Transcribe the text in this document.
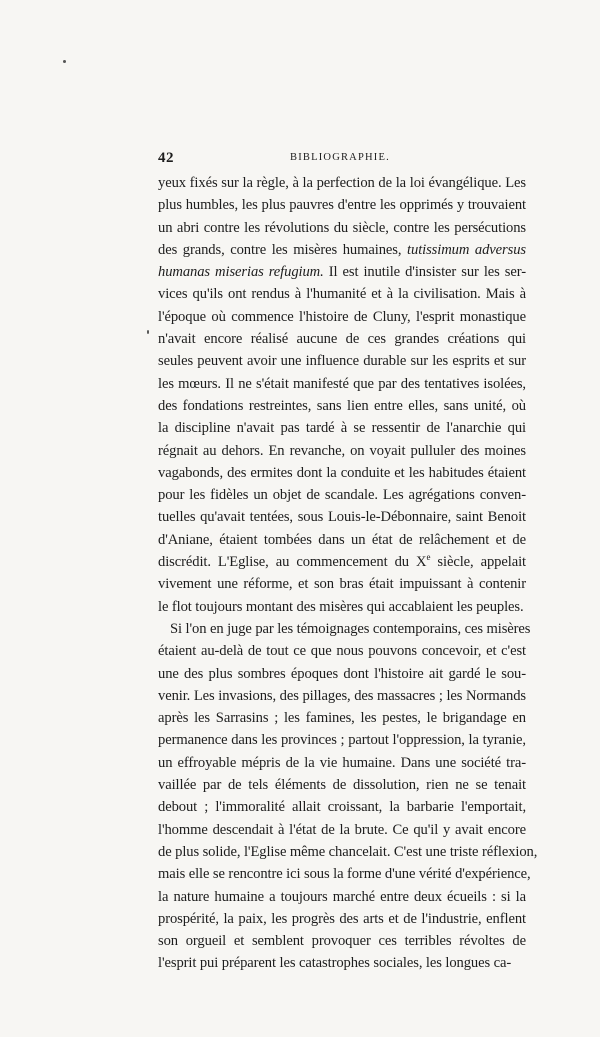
42	BIBLIOGRAPHIE.
yeux fixés sur la règle, à la perfection de la loi évangélique. Les
plus humbles, les plus pauvres d'entre les opprimés y trouvaient
un abri contre les révolutions du siècle, contre les persécutions
des grands, contre les misères humaines, tutissimum adversus
humanas miserias refugium. Il est inutile d'insister sur les ser-
vices qu'ils ont rendus à l'humanité et à la civilisation. Mais à
l'époque où commence l'histoire de Cluny, l'esprit monastique
n'avait encore réalisé aucune de ces grandes créations qui
seules peuvent avoir une influence durable sur les esprits et sur
les mœurs. Il ne s'était manifesté que par des tentatives isolées,
des fondations restreintes, sans lien entre elles, sans unité, où
la discipline n'avait pas tardé à se ressentir de l'anarchie qui
régnait au dehors. En revanche, on voyait pulluler des moines
vagabonds, des ermites dont la conduite et les habitudes étaient
pour les fidèles un objet de scandale. Les agrégations conven-
tuelles qu'avait tentées, sous Louis-le-Débonnaire, saint Benoit
d'Aniane, étaient tombées dans un état de relâchement et de
discrédit. L'Eglise, au commencement du Xe siècle, appelait
vivement une réforme, et son bras était impuissant à contenir
le flot toujours montant des misères qui accablaient les peuples.
Si l'on en juge par les témoignages contemporains, ces misères
étaient au-delà de tout ce que nous pouvons concevoir, et c'est
une des plus sombres époques dont l'histoire ait gardé le sou-
venir. Les invasions, des pillages, des massacres ; les Normands
après les Sarrasins ; les famines, les pestes, le brigandage en
permanence dans les provinces ; partout l'oppression, la tyranie,
un effroyable mépris de la vie humaine. Dans une société tra-
vaillée par de tels éléments de dissolution, rien ne se tenait
debout ; l'immoralité allait croissant, la barbarie l'emportait,
l'homme descendait à l'état de la brute. Ce qu'il y avait encore
de plus solide, l'Eglise même chancelait. C'est une triste réflexion,
mais elle se rencontre ici sous la forme d'une vérité d'expérience,
la nature humaine a toujours marché entre deux écueils : si la
prospérité, la paix, les progrès des arts et de l'industrie, enflent
son orgueil et semblent provoquer ces terribles révoltes de
l'esprit pui préparent les catastrophes sociales, les longues ca-
